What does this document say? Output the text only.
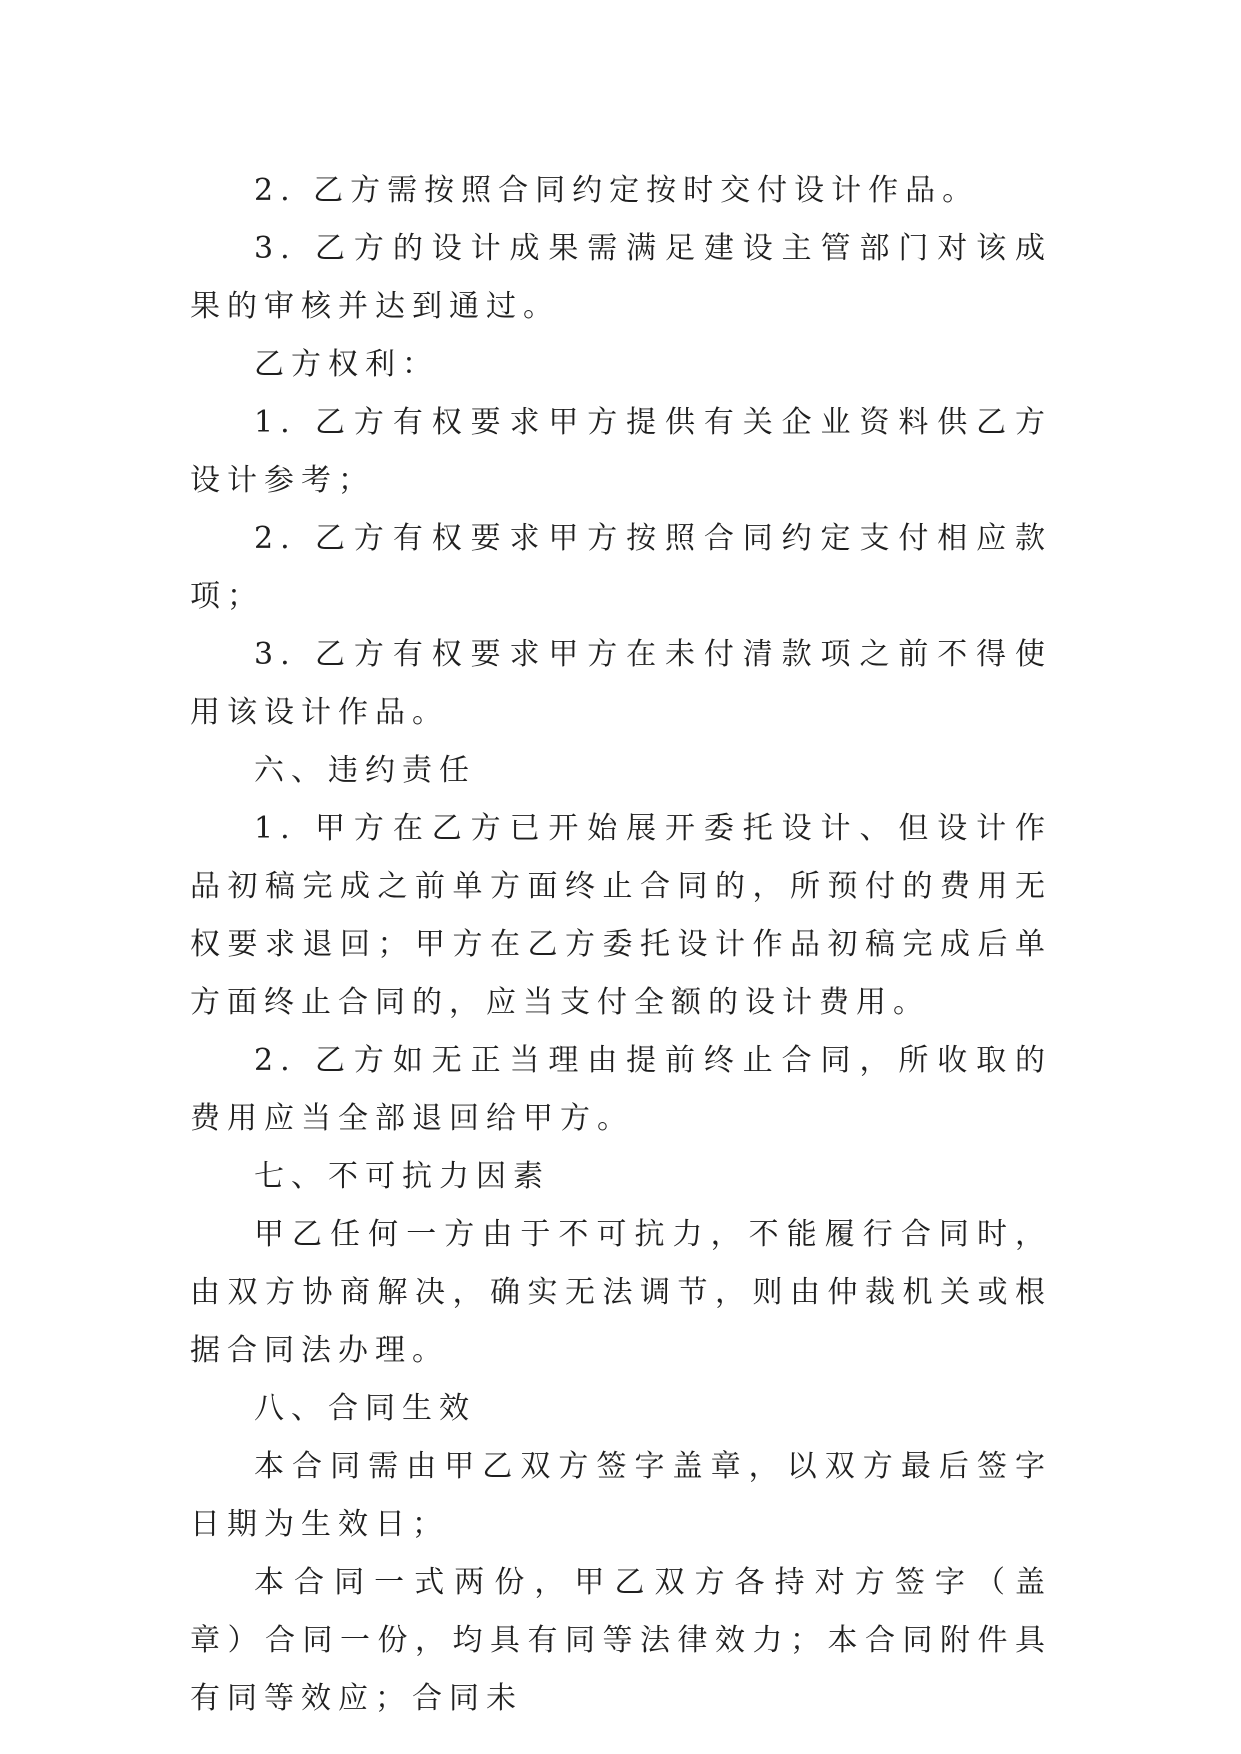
2. 乙方需按照合同约定按时交付设计作品。

3. 乙方的设计成果需满足建设主管部门对该成果的审核并达到通过。

乙方权利：

1. 乙方有权要求甲方提供有关企业资料供乙方设计参考；

2. 乙方有权要求甲方按照合同约定支付相应款项；

3. 乙方有权要求甲方在未付清款项之前不得使用该设计作品。

六、违约责任

1. 甲方在乙方已开始展开委托设计、但设计作品初稿完成之前单方面终止合同的，所预付的费用无权要求退回；甲方在乙方委托设计作品初稿完成后单方面终止合同的，应当支付全额的设计费用。

2. 乙方如无正当理由提前终止合同，所收取的费用应当全部退回给甲方。

七、不可抗力因素

甲乙任何一方由于不可抗力，不能履行合同时，由双方协商解决，确实无法调节，则由仲裁机关或根据合同法办理。

八、合同生效

本合同需由甲乙双方签字盖章，以双方最后签字日期为生效日；

本合同一式两份，甲乙双方各持对方签字（盖章）合同一份，均具有同等法律效力；本合同附件具有同等效应；合同未
